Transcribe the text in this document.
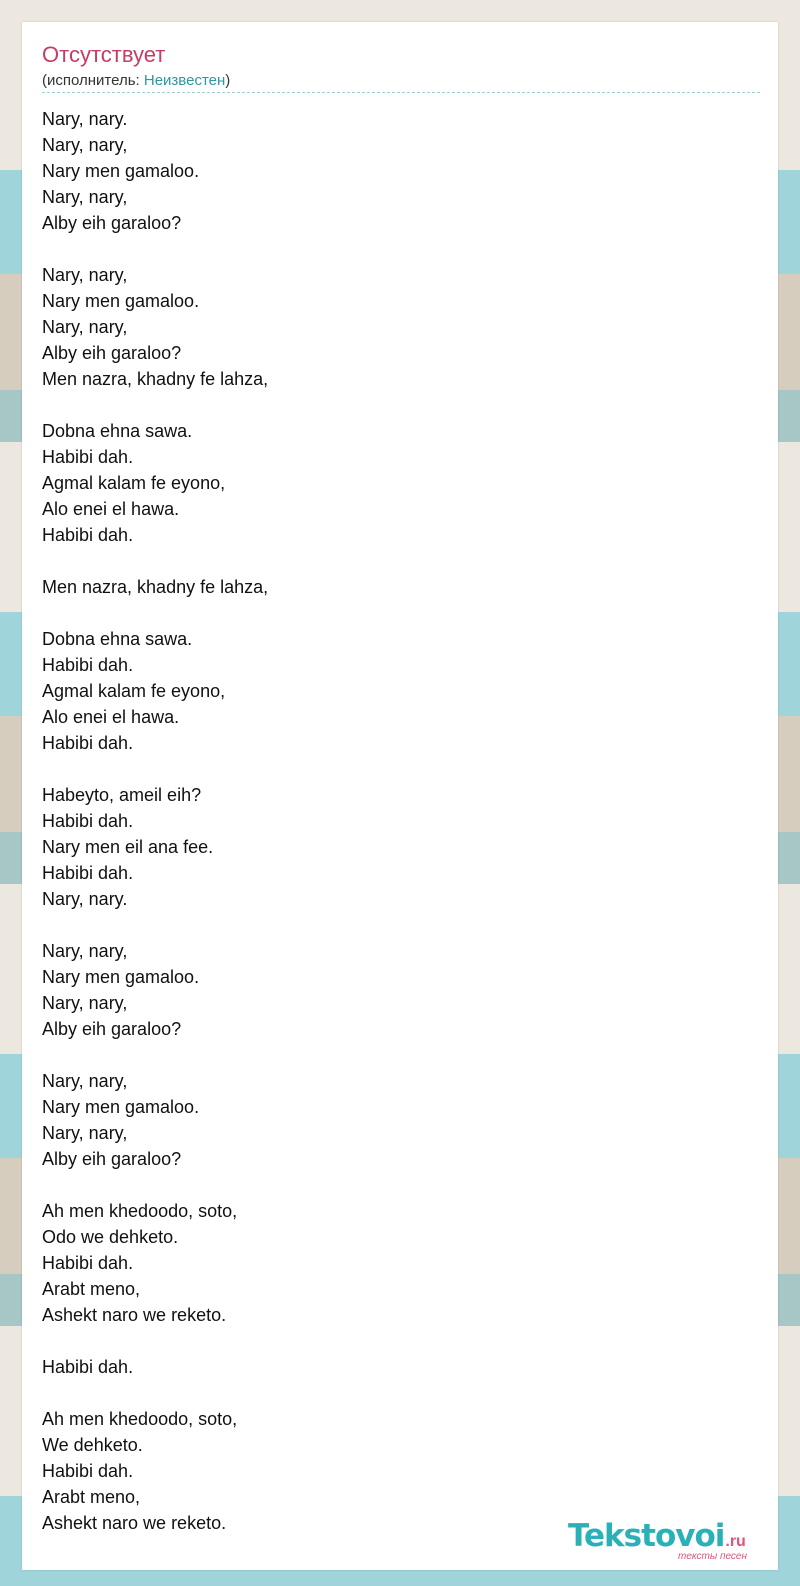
Отсутствует
(исполнитель: Неизвестен)
Nary, nary.
Nary, nary,
Nary men gamaloo.
Nary, nary,
Alby eih garaloo?

Nary, nary,
Nary men gamaloo.
Nary, nary,
Alby eih garaloo?
Men nazra, khadny fe lahza,

Dobna ehna sawa.
Habibi dah.
Agmal kalam fe eyono,
Alo enei el hawa.
Habibi dah.

Men nazra, khadny fe lahza,

Dobna ehna sawa.
Habibi dah.
Agmal kalam fe eyono,
Alo enei el hawa.
Habibi dah.

Habeyto, ameil eih?
Habibi dah.
Nary men eil ana fee.
Habibi dah.
Nary, nary.

Nary, nary,
Nary men gamaloo.
Nary, nary,
Alby eih garaloo?

Nary, nary,
Nary men gamaloo.
Nary, nary,
Alby eih garaloo?

Ah men khedoodo, soto,
Odo we dehketo.
Habibi dah.
Arabt meno,
Ashekt naro we reketo.

Habibi dah.

Ah men khedoodo, soto,
We dehketo.
Habibi dah.
Arabt meno,
Ashekt naro we reketo.	Tekstovoi.ru
тексты песен
